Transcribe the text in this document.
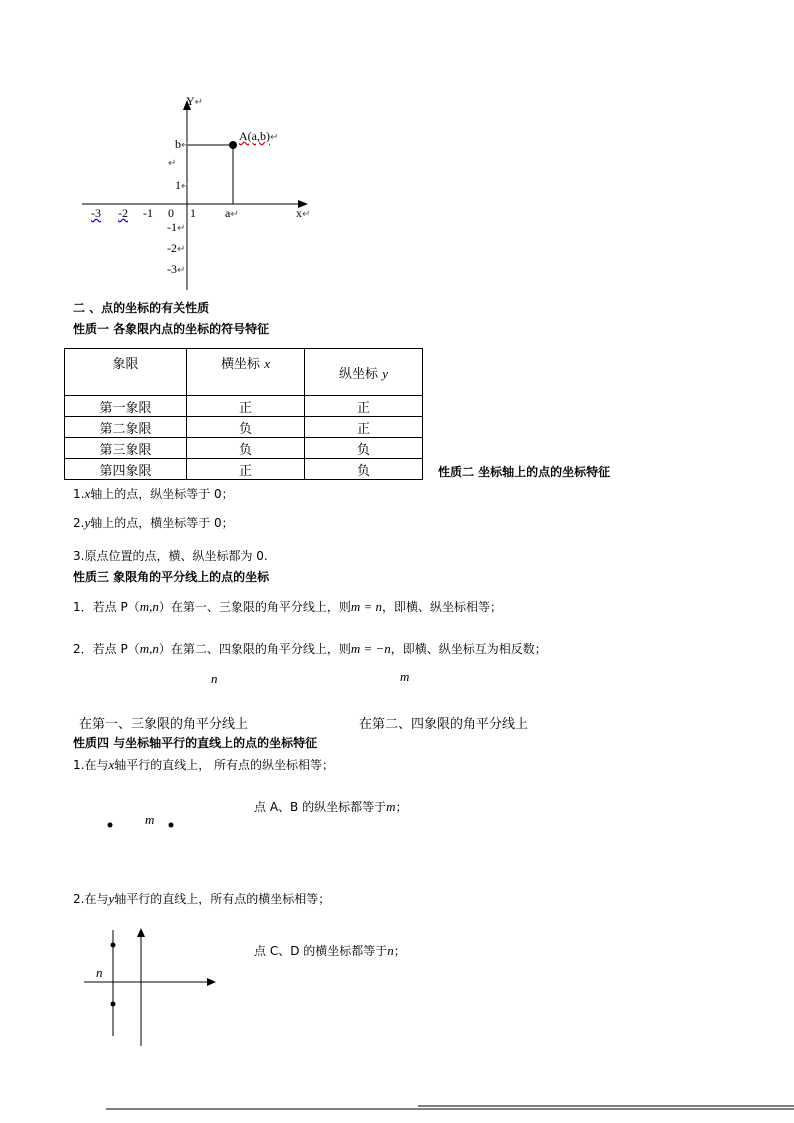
Y↵
b↵
↵
1↵
A(a,b)↵
-3 -2 -1 0 1 a↵	x↵
-1↵
-2↵
-3↵
二 、点的坐标的有关性质
性质一 各象限内点的坐标的符号特征
象限	横坐标 x	纵坐标 y
第一象限	正	正
第二象限	负	正
第三象限	负	负
第四象限	正	负	性质二 坐标轴上的点的坐标特征
1.x轴上的点，纵坐标等于 0；
2.y轴上的点，横坐标等于 0；
3.原点位置的点，横、纵坐标都为 0.
性质三 象限角的平分线上的点的坐标
1．若点 P（m,n）在第一、三象限的角平分线上，则m = n，即横、纵坐标相等；
2．若点 P（m,n）在第二、四象限的角平分线上，则m = −n，即横、纵坐标互为相反数；
n	m
在第一、三象限的角平分线上	在第二、四象限的角平分线上
性质四 与坐标轴平行的直线上的点的坐标特征
1.在与x轴平行的直线上， 所有点的纵坐标相等；
点 A、B 的纵坐标都等于m；
m
2.在与y轴平行的直线上，所有点的横坐标相等；
点 C、D 的横坐标都等于n；
n
